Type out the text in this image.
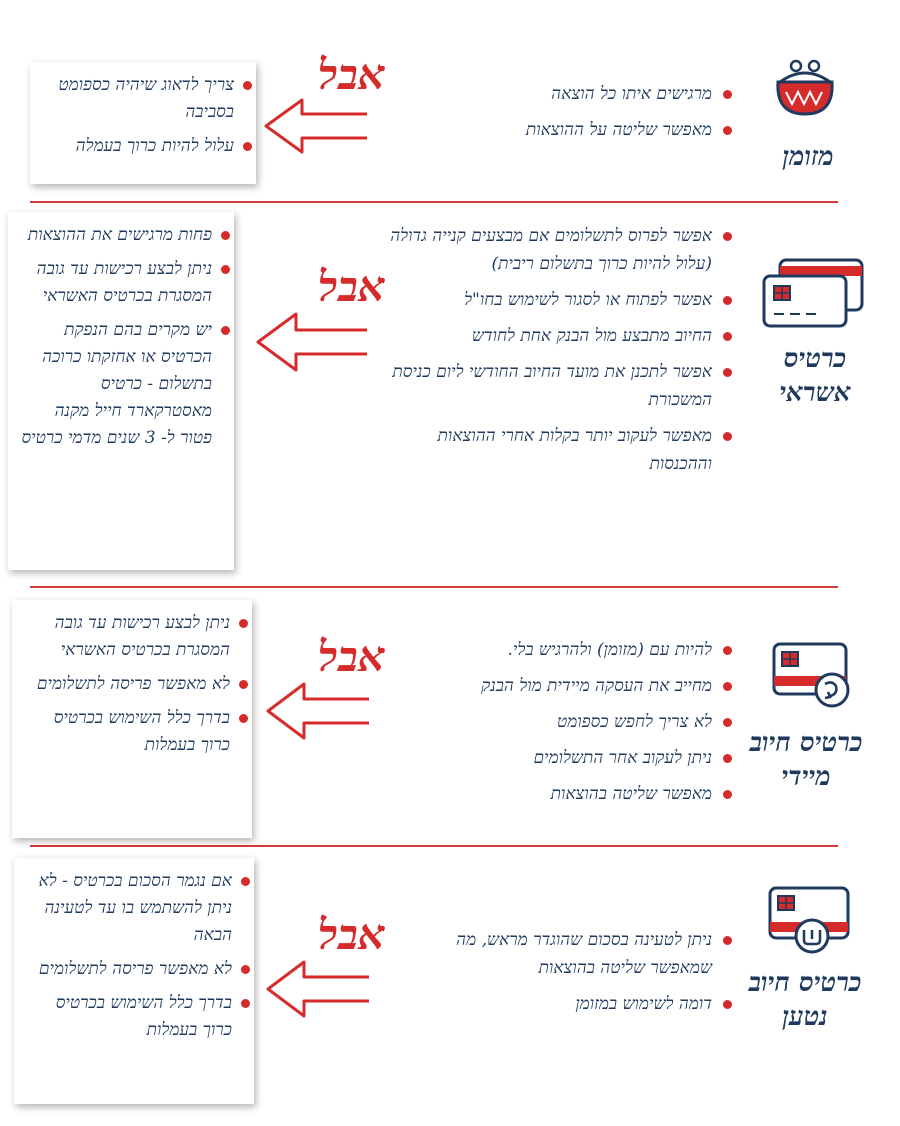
צריך לדאוג שיהיה כספומט בסביבה
עלול להיות כרוך בעמלה
אבל	מרגישים איתו כל הוצאה
מאפשר שליטה על ההוצאות
מזומן
פחות מרגישים את ההוצאות
ניתן לבצע רכישות עד גובה המסגרת בכרטיס האשראי
יש מקרים בהם הנפקת הכרטיס או אחזקתו כרוכה בתשלום - כרטיס מאסטרקארד חייל מקנה פטור ל- 3 שנים מדמי כרטיס
אבל
אפשר לפרוס לתשלומים אם מבצעים קנייה גדולה (עלול להיות כרוך בתשלום ריבית)
אפשר לפתוח או לסגור לשימוש בחו"ל
החיוב מתבצע מול הבנק אחת לחודש
אפשר לתכנן את מועד החיוב החודשי ליום כניסת המשכורת
מאפשר לעקוב יותר בקלות אחרי ההוצאות וההכנסות
כרטיס אשראי
ניתן לבצע רכישות עד גובה המסגרת בכרטיס האשראי
לא מאפשר פריסה לתשלומים
בדרך כלל השימוש בכרטיס כרוך בעמלות
אבל	להיות עם (מזומן) ולהרגיש בלי.
מחייב את העסקה מיידית מול הבנק
לא צריך לחפש כספומט
ניתן לעקוב אחר התשלומים
מאפשר שליטה בהוצאות
כרטיס חיוב מיידי
אם נגמר הסכום בכרטיס - לא ניתן להשתמש בו עד לטעינה הבאה
לא מאפשר פריסה לתשלומים
בדרך כלל השימוש בכרטיס כרוך בעמלות
אבל	ניתן לטעינה בסכום שהוגדר מראש, מה שמאפשר שליטה בהוצאות
דומה לשימוש במזומן
כרטיס חיוב נטען
